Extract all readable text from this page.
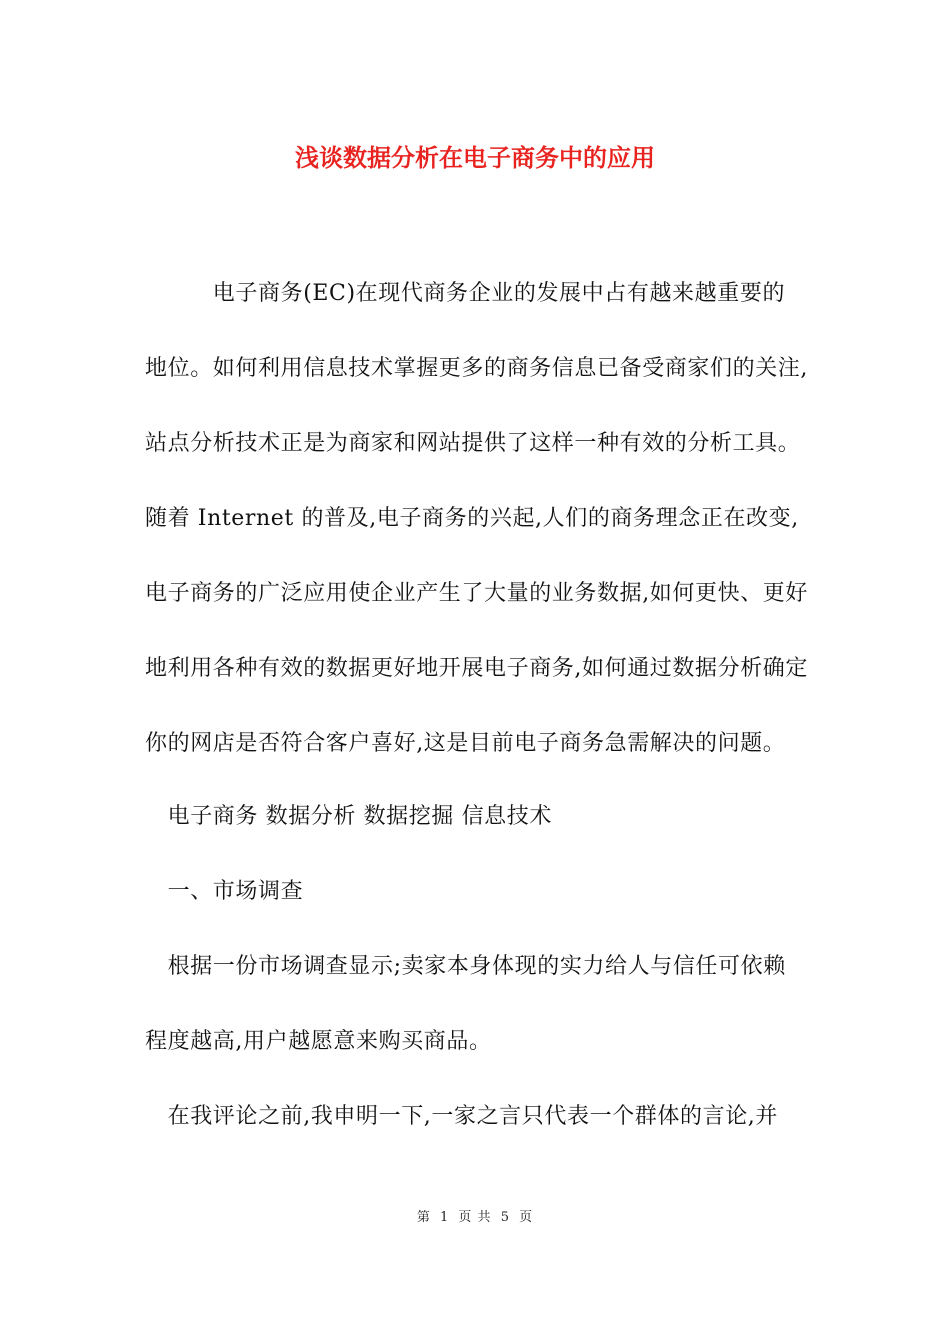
浅谈数据分析在电子商务中的应用
　　　电子商务(EC)在现代商务企业的发展中占有越来越重要的
地位。如何利用信息技术掌握更多的商务信息已备受商家们的关注,
站点分析技术正是为商家和网站提供了这样一种有效的分析工具。
随着 Internet 的普及,电子商务的兴起,人们的商务理念正在改变,
电子商务的广泛应用使企业产生了大量的业务数据,如何更快、更好
地利用各种有效的数据更好地开展电子商务,如何通过数据分析确定
你的网店是否符合客户喜好,这是目前电子商务急需解决的问题。
　电子商务 数据分析 数据挖掘 信息技术
　一、市场调查
　根据一份市场调查显示;卖家本身体现的实力给人与信任可依赖
程度越高,用户越愿意来购买商品。
　在我评论之前,我申明一下,一家之言只代表一个群体的言论,并
第 1 页 共 5 页
